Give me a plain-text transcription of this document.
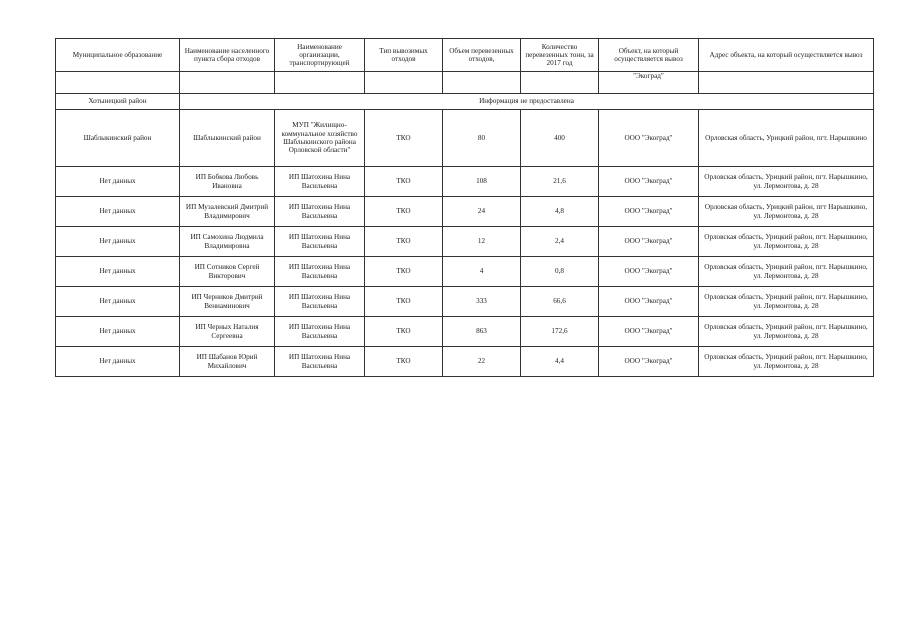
Муниципальное образование	Наименование населенного пункта сбора отходов	Наименование организации, транспортирующей	Тип вывозимых отходов	Объем перевезенных отходов,	Количество перевезенных тонн, за 2017 год	Объект, на который осуществляется вывоз	Адрес объекта, на который осуществляется вывоз
						"Экоград"	
Хотынецкий район	Информация не предоставлена						
Шаблыкинский район	Шаблыкинский район	МУП "Жилищно-коммунальное хозяйство Шаблыкинского района Орловской области"	ТКО	80	400	ООО "Экоград"	Орловская область, Урицкий район, пгт. Нарышкино
Нет данных	ИП Бобкова Любовь Ивановна	ИП Шатохина Нина Васильевна	ТКО	108	21,6	ООО "Экоград"	Орловская область, Урицкий район, пгт. Нарышкино, ул. Лермонтова, д. 28
Нет данных	ИП Музалевский Дмитрий Владимирович	ИП Шатохина Нина Васильевна	ТКО	24	4,8	ООО "Экоград"	Орловская область, Урицкий район, пгт Нарышкино, ул. Лермонтова, д. 28
Нет данных	ИП Самохина Людмила Владимировна	ИП Шатохина Нина Васильевна	ТКО	12	2,4	ООО "Экоград"	Орловская область, Урицкий район, пгт. Нарышкино, ул. Лермонтова, д. 28
Нет данных	ИП Сотников Сергей Викторович	ИП Шатохина Нина Васильевна	ТКО	4	0,8	ООО "Экоград"	Орловская область, Урицкий район, пгт. Нарышкино, ул. Лермонтова, д. 28
Нет данных	ИП Черников Дмитрий Вениаминович	ИП Шатохина Нина Васильевна	ТКО	333	66,6	ООО "Экоград"	Орловская область, Урицкий район, пгт. Нарышкино, ул. Лермонтова, д. 28
Нет данных	ИП Черных Наталия Сергеевна	ИП Шатохина Нина Васильевна	ТКО	863	172,6	ООО "Экоград"	Орловская область, Урицкий район, пгт. Нарышкино, ул. Лермонтова, д. 28
Нет данных	ИП Шабанов Юрий Михайлович	ИП Шатохина Нина Васильевна	ТКО	22	4,4	ООО "Экоград"	Орловская область, Урицкий район, пгт. Нарышкино, ул. Лермонтова, д. 28
